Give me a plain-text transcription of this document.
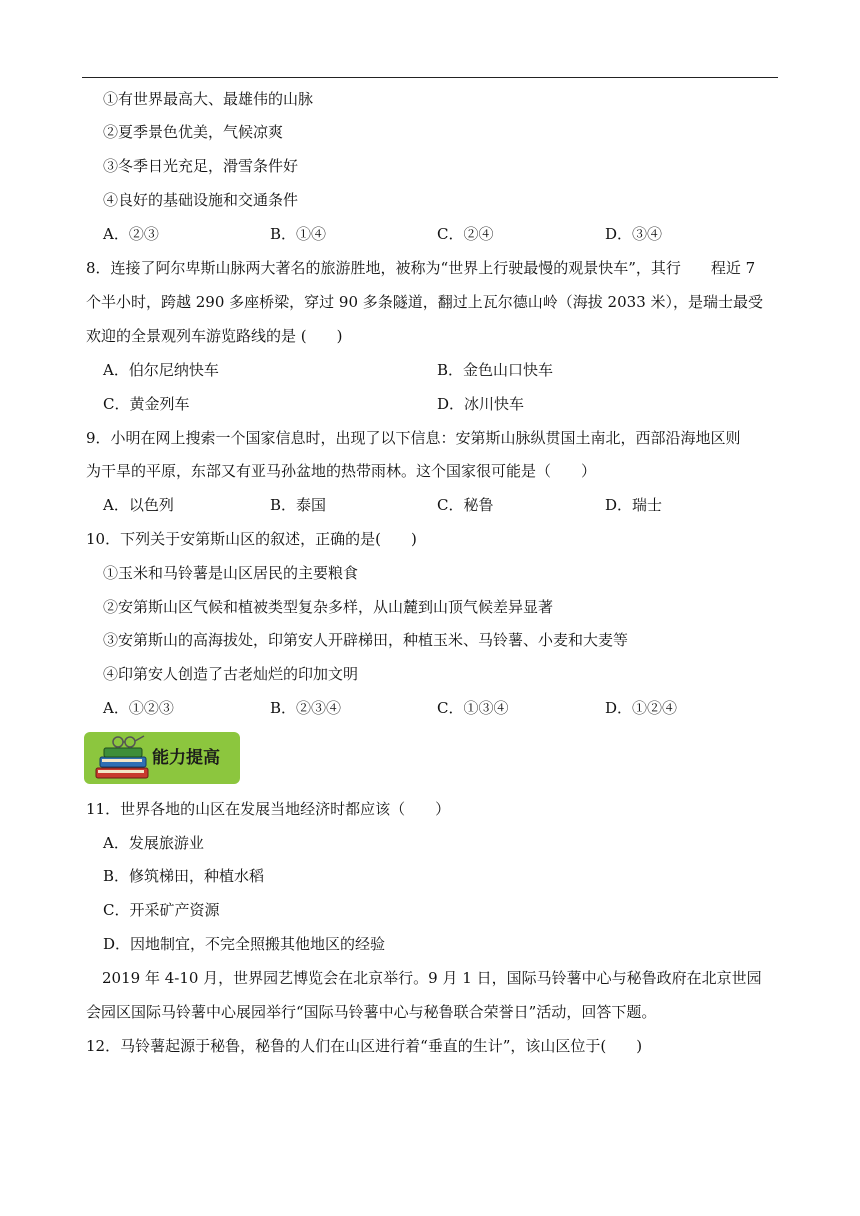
①有世界最高大、最雄伟的山脉
②夏季景色优美，气候凉爽
③冬季日光充足，滑雪条件好
④良好的基础设施和交通条件
A．②③	B．①④	C．②④	D．③④
8．连接了阿尔卑斯山脉两大著名的旅游胜地，被称为“世界上行驶最慢的观景快车”，其行　　程近 7
个半小时，跨越 290 多座桥梁，穿过 90 多条隧道，翻过上瓦尔德山岭（海拔 2033 米），是瑞士最受
欢迎的全景观列车游览路线的是 (　　)
A．伯尔尼纳快车	B．金色山口快车
C．黄金列车	D．冰川快车
9．小明在网上搜索一个国家信息时，出现了以下信息：安第斯山脉纵贯国土南北，西部沿海地区则
为干旱的平原，东部又有亚马孙盆地的热带雨林。这个国家很可能是（　　）
A．以色列	B．泰国	C．秘鲁	D．瑞士
10．下列关于安第斯山区的叙述，正确的是(　　)
①玉米和马铃薯是山区居民的主要粮食
②安第斯山区气候和植被类型复杂多样，从山麓到山顶气候差异显著
③安第斯山的高海拔处，印第安人开辟梯田，种植玉米、马铃薯、小麦和大麦等
④印第安人创造了古老灿烂的印加文明
A．①②③	B．②③④	C．①③④	D．①②④
能力提高
11．世界各地的山区在发展当地经济时都应该（　　）
A．发展旅游业
B．修筑梯田，种植水稻
C．开采矿产资源
D．因地制宜，不完全照搬其他地区的经验
2019 年 4-10 月，世界园艺博览会在北京举行。9 月 1 日，国际马铃薯中心与秘鲁政府在北京世园
会园区国际马铃薯中心展园举行“国际马铃薯中心与秘鲁联合荣誉日”活动，回答下题。
12．马铃薯起源于秘鲁，秘鲁的人们在山区进行着“垂直的生计”，该山区位于(　　)
